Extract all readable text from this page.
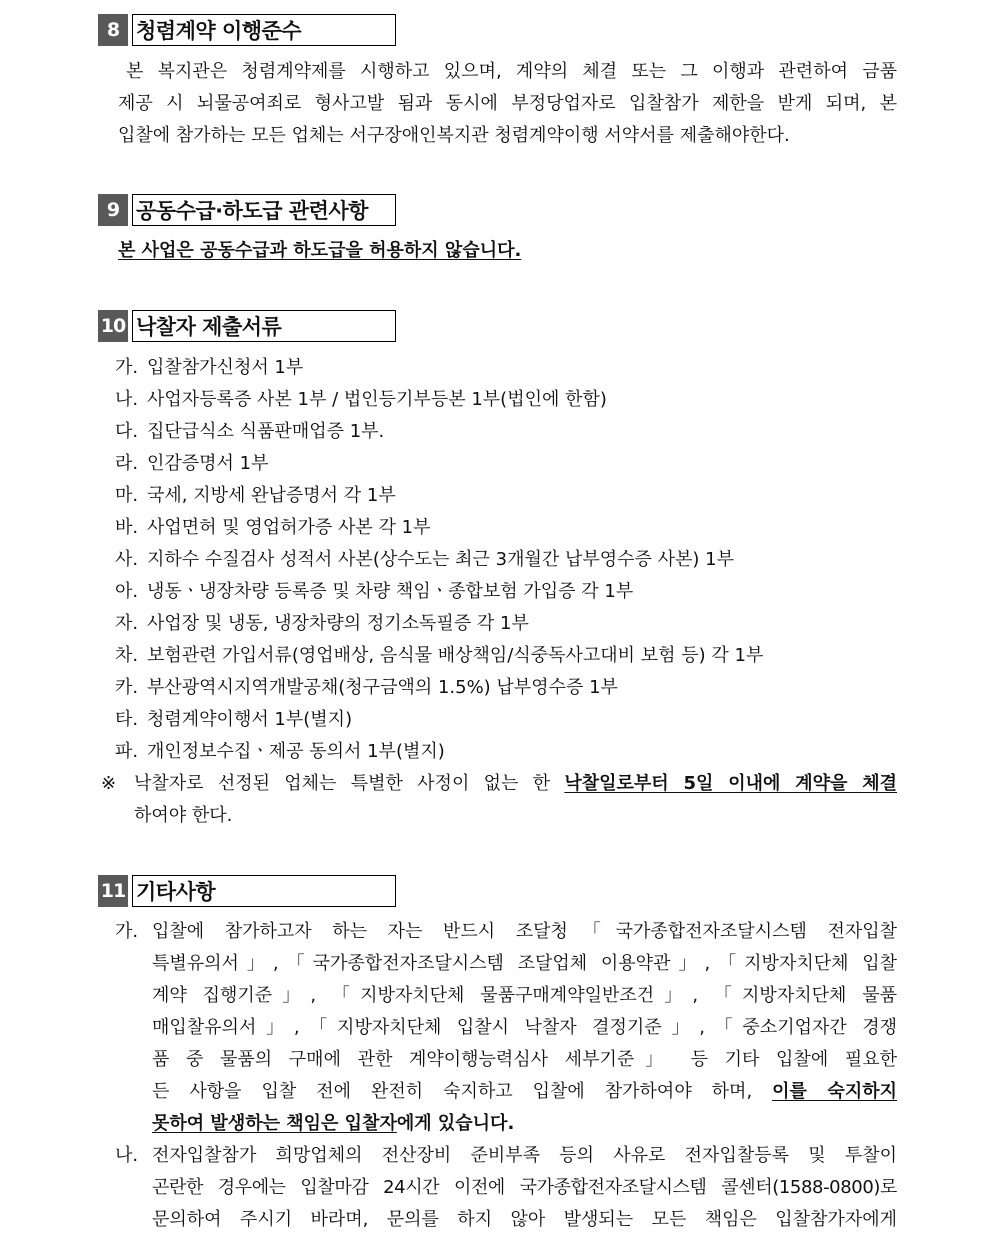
8 청렴계약 이행준수
본 복지관은 청렴계약제를 시행하고 있으며, 계약의 체결 또는 그 이행과 관련하여 금품
제공 시 뇌물공여죄로 형사고발 됨과 동시에 부정당업자로 입찰참가 제한을 받게 되며, 본
입찰에 참가하는 모든 업체는 서구장애인복지관 청렴계약이행 서약서를 제출해야한다.
9 공동수급·하도급 관련사항
본 사업은 공동수급과 하도급을 허용하지 않습니다.
10 낙찰자 제출서류
가. 입찰참가신청서 1부
나. 사업자등록증 사본 1부 / 법인등기부등본 1부(법인에 한함)
다. 집단급식소 식품판매업증 1부.
라. 인감증명서 1부
마. 국세, 지방세 완납증명서 각 1부
바. 사업면허 및 영업허가증 사본 각 1부
사. 지하수 수질검사 성적서 사본(상수도는 최근 3개월간 납부영수증 사본) 1부
아. 냉동ㆍ냉장차량 등록증 및 차량 책임ㆍ종합보험 가입증 각 1부
자. 사업장 및 냉동, 냉장차량의 정기소독필증 각 1부
차. 보험관련 가입서류(영업배상, 음식물 배상책임/식중독사고대비 보험 등) 각 1부
카. 부산광역시지역개발공채(청구금액의 1.5%) 납부영수증 1부
타. 청렴계약이행서 1부(별지)
파. 개인정보수집ㆍ제공 동의서 1부(별지)
※ 낙찰자로 선정된 업체는 특별한 사정이 없는 한 낙찰일로부터 5일 이내에 계약을 체결
하여야 한다.
11 기타사항
가. 입찰에 참가하고자 하는 자는 반드시 조달청「국가종합전자조달시스템 전자입찰
특별유의서」,「국가종합전자조달시스템 조달업체 이용약관」,「지방자치단체 입찰
계약 집행기준」, 「지방자치단체 물품구매계약일반조건」, 「지방자치단체 물품
매입찰유의서」,「지방자치단체 입찰시 낙찰자 결정기준」,「중소기업자간 경쟁
품 중 물품의 구매에 관한 계약이행능력심사 세부기준」 등 기타 입찰에 필요한
든 사항을 입찰 전에 완전히 숙지하고 입찰에 참가하여야 하며, 이를 숙지하지
못하여 발생하는 책임은 입찰자에게 있습니다.
나. 전자입찰참가 희망업체의 전산장비 준비부족 등의 사유로 전자입찰등록 및 투찰이
곤란한 경우에는 입찰마감 24시간 이전에 국가종합전자조달시스템 콜센터(1588-0800)로
문의하여 주시기 바라며, 문의를 하지 않아 발생되는 모든 책임은 입찰참가자에게
